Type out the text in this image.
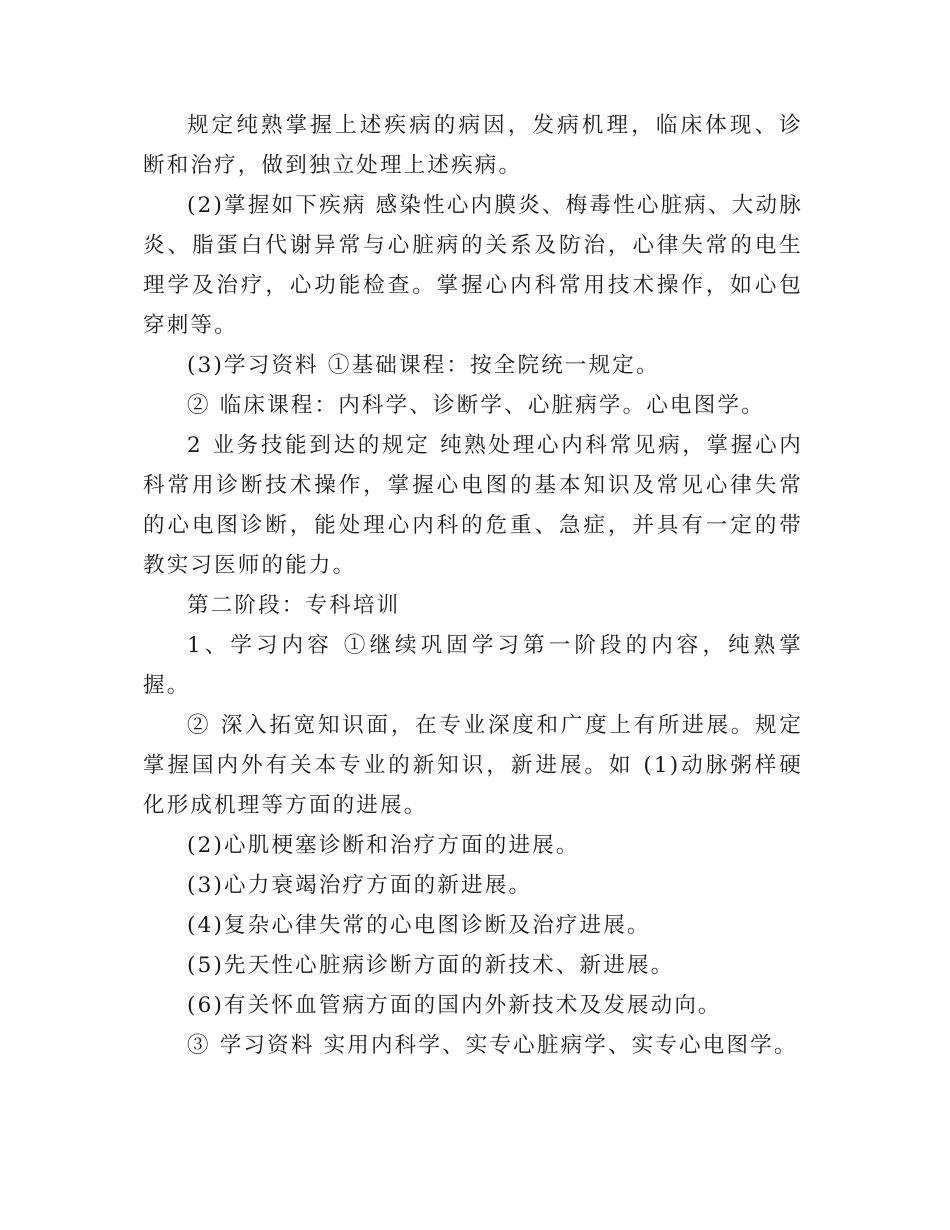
规定纯熟掌握上述疾病的病因，发病机理，临床体现、诊断和治疗，做到独立处理上述疾病。

(2)掌握如下疾病 感染性心内膜炎、梅毒性心脏病、大动脉炎、脂蛋白代谢异常与心脏病的关系及防治，心律失常的电生理学及治疗，心功能检查。掌握心内科常用技术操作，如心包穿刺等。

(3)学习资料 ①基础课程：按全院统一规定。

② 临床课程：内科学、诊断学、心脏病学。心电图学。

2 业务技能到达的规定 纯熟处理心内科常见病，掌握心内科常用诊断技术操作，掌握心电图的基本知识及常见心律失常的心电图诊断，能处理心内科的危重、急症，并具有一定的带教实习医师的能力。

第二阶段：专科培训

1、学习内容 ①继续巩固学习第一阶段的内容，纯熟掌握。

② 深入拓宽知识面，在专业深度和广度上有所进展。规定掌握国内外有关本专业的新知识，新进展。如 (1)动脉粥样硬化形成机理等方面的进展。

(2)心肌梗塞诊断和治疗方面的进展。

(3)心力衰竭治疗方面的新进展。

(4)复杂心律失常的心电图诊断及治疗进展。

(5)先天性心脏病诊断方面的新技术、新进展。

(6)有关怀血管病方面的国内外新技术及发展动向。

③ 学习资料 实用内科学、实专心脏病学、实专心电图学。
